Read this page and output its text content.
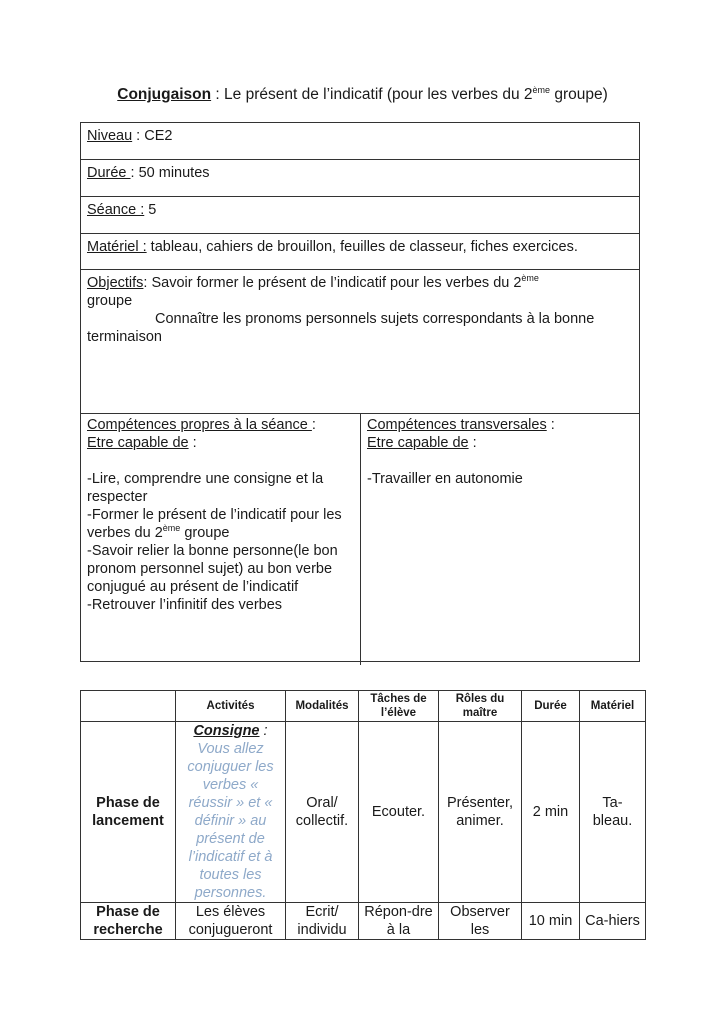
Conjugaison : Le présent de l’indicatif (pour les verbes du 2ème groupe)
Niveau : CE2
Durée : 50 minutes
Séance : 5
Matériel : tableau, cahiers de brouillon, feuilles de classeur, fiches exercices.
Objectifs: Savoir former le présent de l’indicatif pour les verbes du 2ème
groupe

Connaître les pronoms personnels sujets correspondants à la bonne
terminaison
Compétences propres à la séance :
Etre capable de :

-Lire, comprendre une consigne et la respecter
-Former le présent de l’indicatif pour les verbes du 2ème groupe
-Savoir relier la bonne personne(le bon pronom personnel sujet) au bon verbe conjugué au présent de l’indicatif
-Retrouver l’infinitif des verbes
Compétences transversales :
Etre capable de :

-Travailler en autonomie
	Activités	Modalités	Tâches de l’élève	Rôles du maître	Durée	Matériel
Phase de lancement	Consigne :
Vous allez conjuguer les verbes « réussir » et « définir » au présent de l’indicatif et à toutes les personnes.	Oral/ collectif.	Ecouter.	Présenter, animer.	2 min	Ta-bleau.
Phase de recherche	Les élèves conjugueront	Ecrit/ individu	Répon-dre à la	Observer les	10 min	Ca-hiers
